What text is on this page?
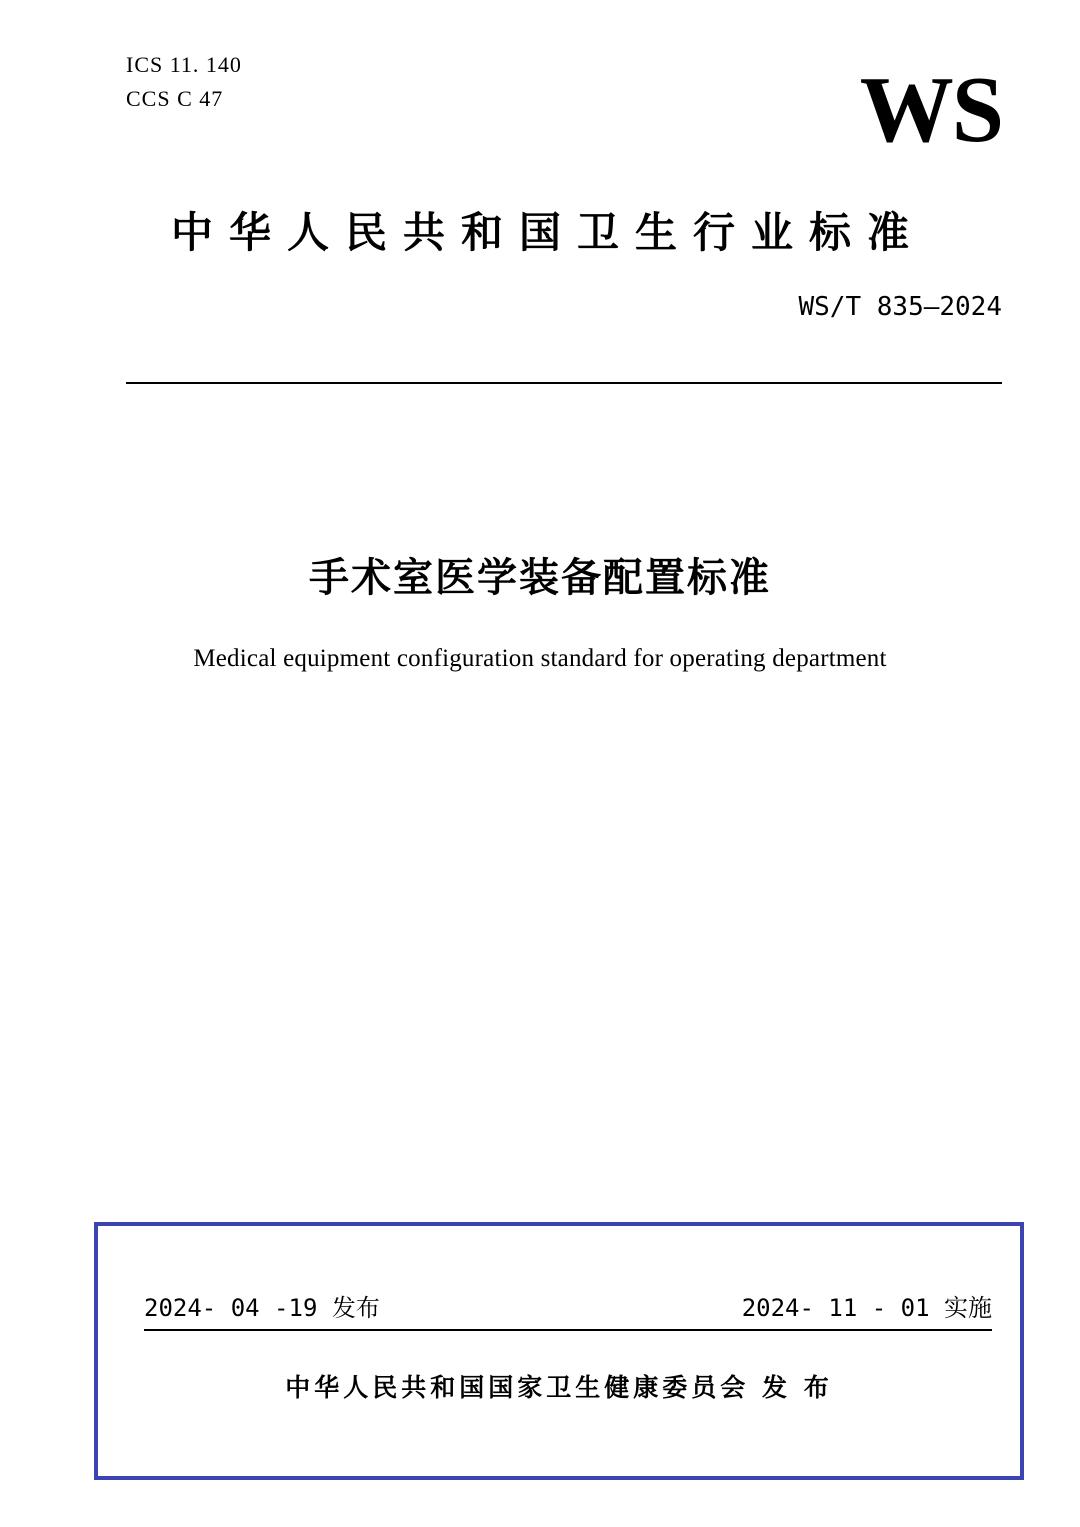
ICS 11. 140
CCS C 47	WS
中华人民共和国卫生行业标准
WS/T 835—2024
手术室医学装备配置标准
Medical equipment configuration standard for operating department
2024- 04 -19 发布	2024- 11 - 01 实施
中华人民共和国国家卫生健康委员会 发 布
